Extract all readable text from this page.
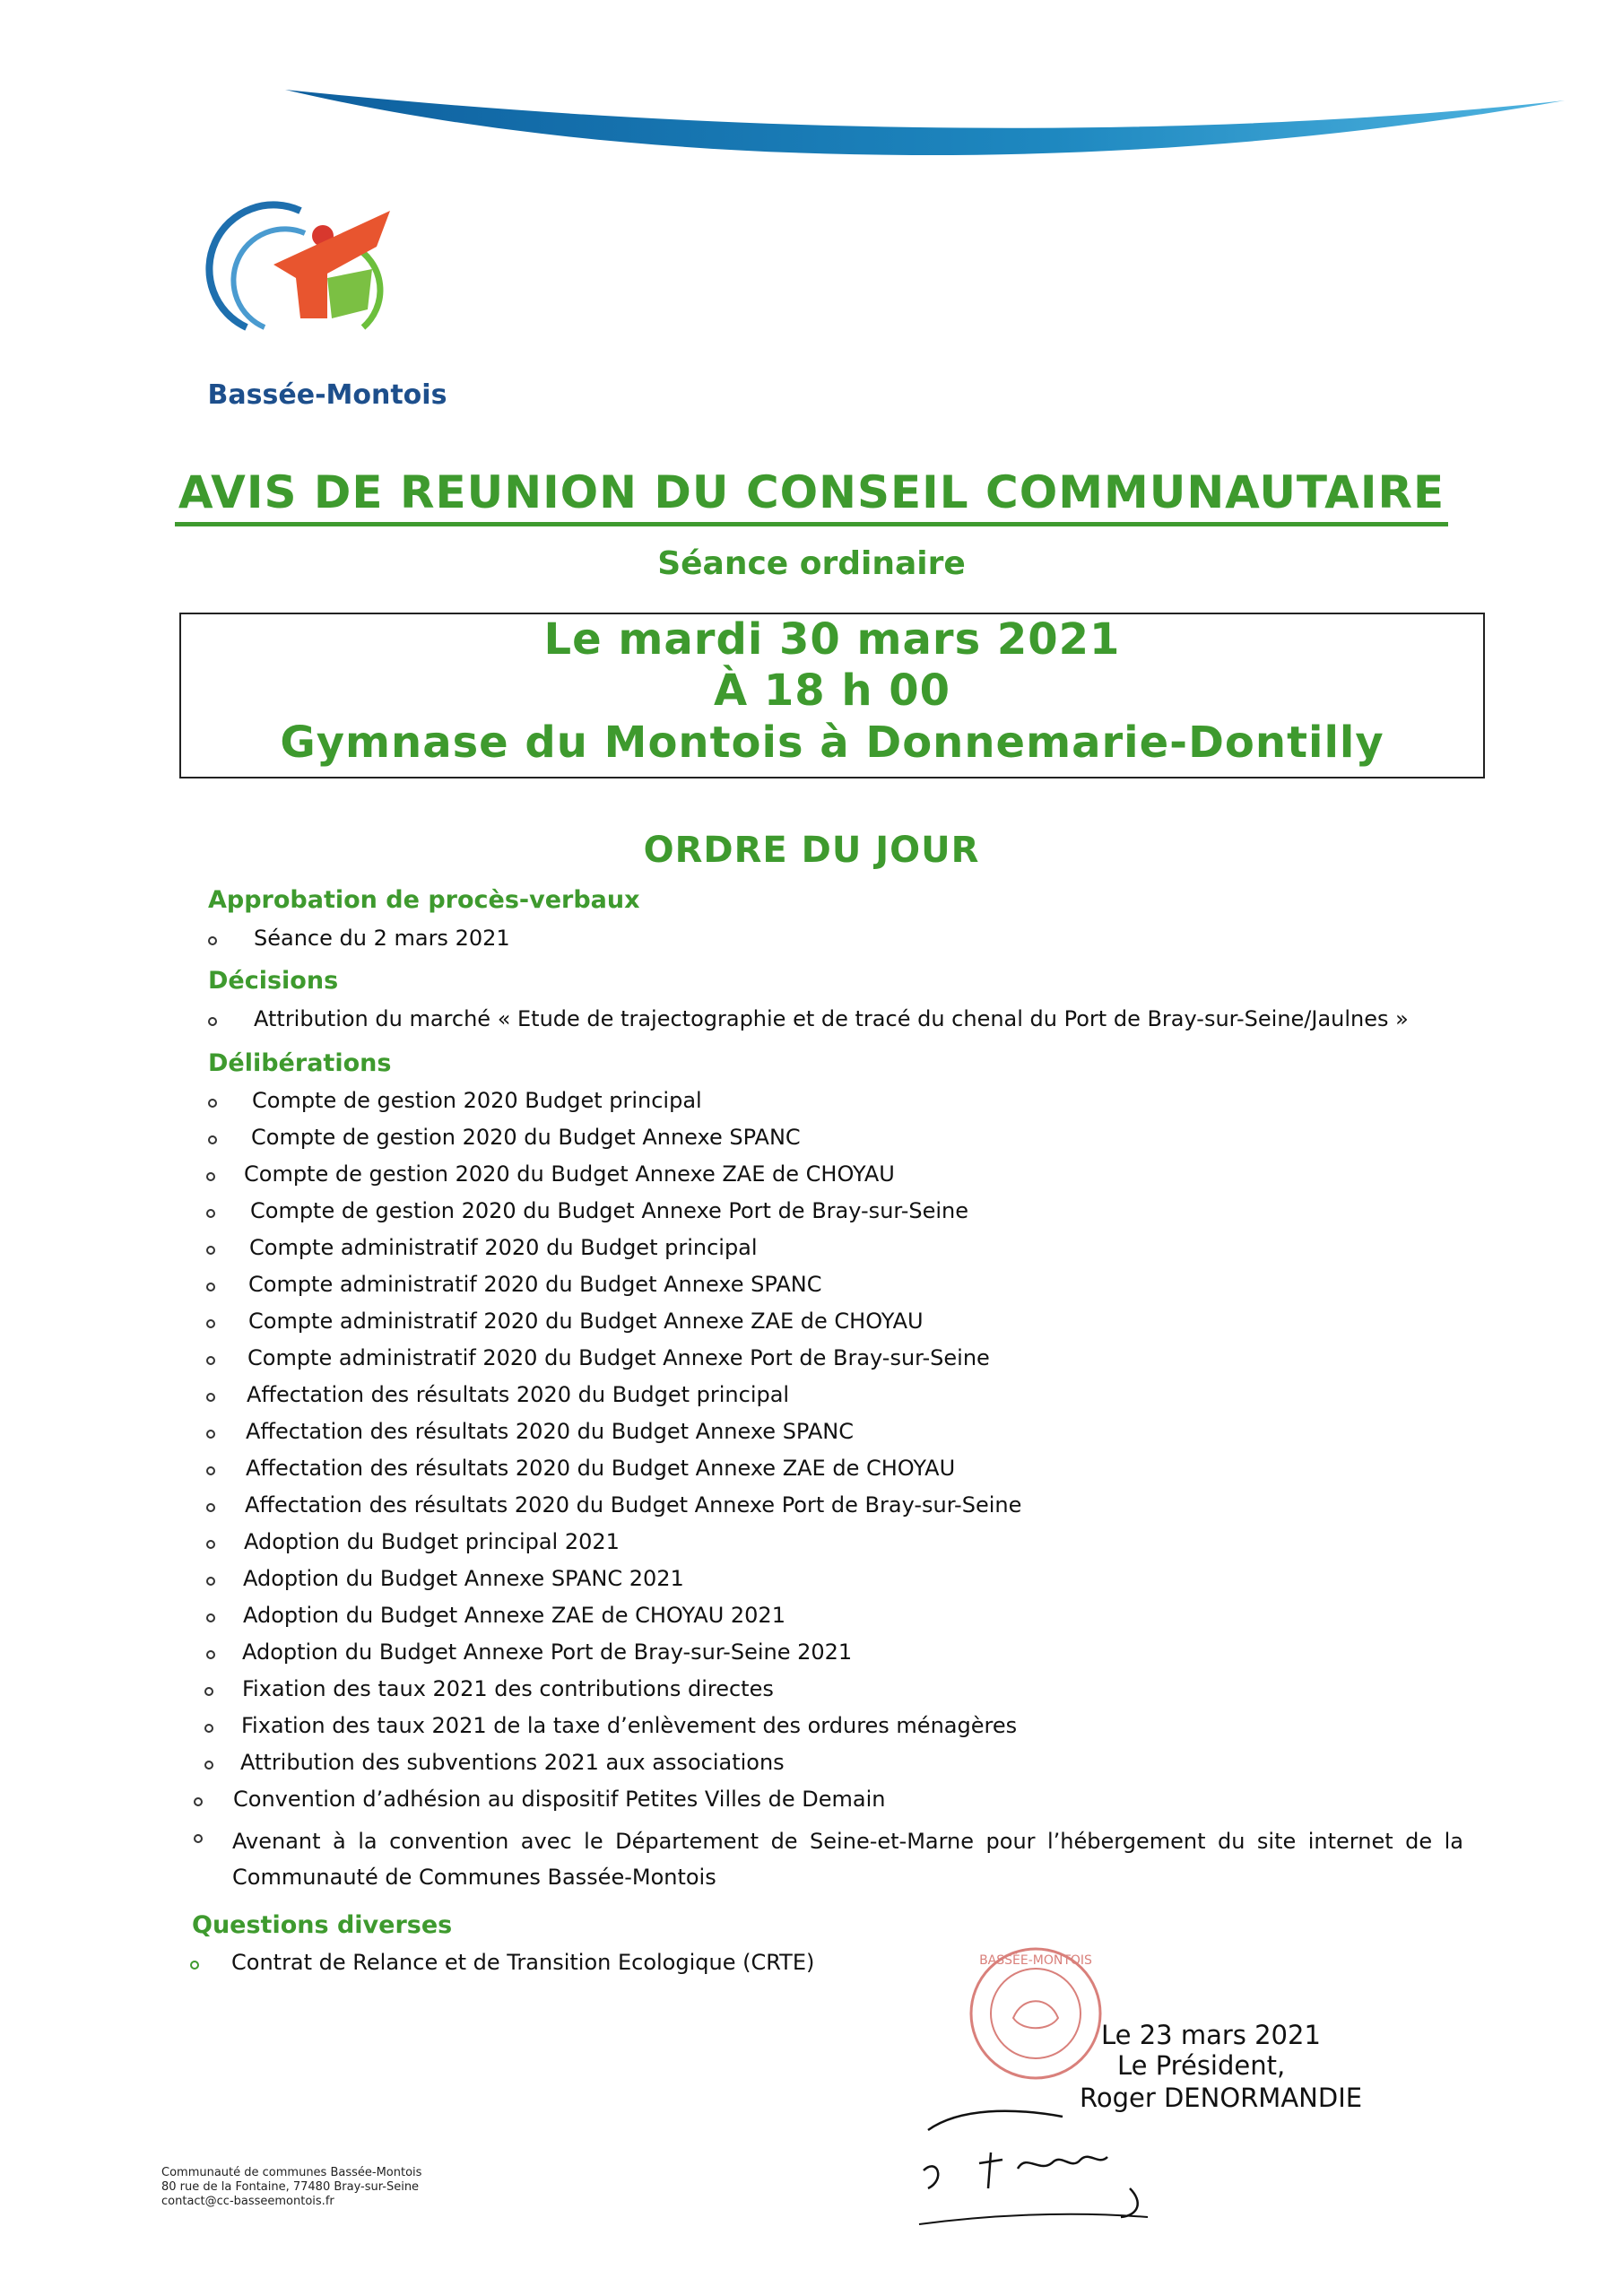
Bassée-Montois
AVIS DE REUNION DU CONSEIL COMMUNAUTAIRE
Séance ordinaire
Le mardi 30 mars 2021
À 18 h 00
Gymnase du Montois à Donnemarie-Dontilly
ORDRE DU JOUR
Approbation de procès-verbaux
Séance du 2 mars 2021
Décisions
Attribution du marché « Etude de trajectographie et de tracé du chenal du Port de Bray-sur-Seine/Jaulnes »
Délibérations
Compte de gestion 2020 Budget principal
Compte de gestion 2020 du Budget Annexe SPANC
Compte de gestion 2020 du Budget Annexe ZAE de CHOYAU
Compte de gestion 2020 du Budget Annexe Port de Bray-sur-Seine
Compte administratif 2020 du Budget principal
Compte administratif 2020 du Budget Annexe SPANC
Compte administratif 2020 du Budget Annexe ZAE de CHOYAU
Compte administratif 2020 du Budget Annexe Port de Bray-sur-Seine
Affectation des résultats 2020 du Budget principal
Affectation des résultats 2020 du Budget Annexe SPANC
Affectation des résultats 2020 du Budget Annexe ZAE de CHOYAU
Affectation des résultats 2020 du Budget Annexe Port de Bray-sur-Seine
Adoption du Budget principal 2021
Adoption du Budget Annexe SPANC 2021
Adoption du Budget Annexe ZAE de CHOYAU 2021
Adoption du Budget Annexe Port de Bray-sur-Seine 2021
Fixation des taux 2021 des contributions directes
Fixation des taux 2021 de la taxe d’enlèvement des ordures ménagères
Attribution des subventions 2021 aux associations
Convention d’adhésion au dispositif Petites Villes de Demain
Avenant à la convention avec le Département de Seine-et-Marne pour l’hébergement du site internet de la Communauté de Communes Bassée-Montois
Questions diverses
Contrat de Relance et de Transition Ecologique (CRTE)	BASSÉE-MONTOIS
Le 23 mars 2021
Le Président,
Roger DENORMANDIE
Communauté de communes Bassée-Montois
80 rue de la Fontaine, 77480 Bray-sur-Seine
contact@cc-basseemontois.fr
